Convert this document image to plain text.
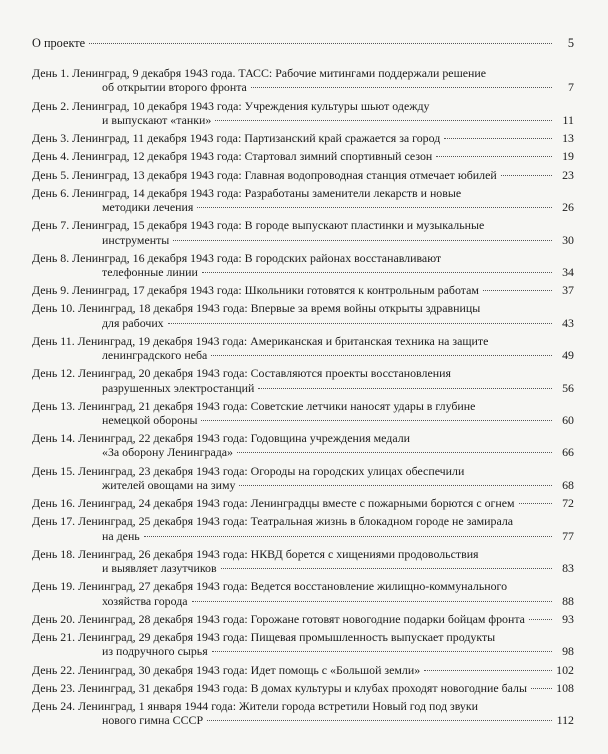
О проекте	5
День 1. Ленинград, 9 декабря 1943 года. ТАСС: Рабочие митингами поддержали решение
об открытии второго фронта	7
День 2. Ленинград, 10 декабря 1943 года: Учреждения культуры шьют одежду
и выпускают «танки»	11
День 3. Ленинград, 11 декабря 1943 года: Партизанский край сражается за город	13
День 4. Ленинград, 12 декабря 1943 года: Стартовал зимний спортивный сезон	19
День 5. Ленинград, 13 декабря 1943 года: Главная водопроводная станция отмечает юбилей	23
День 6. Ленинград, 14 декабря 1943 года: Разработаны заменители лекарств и новые
методики лечения	26
День 7. Ленинград, 15 декабря 1943 года: В городе выпускают пластинки и музыкальные
инструменты	30
День 8. Ленинград, 16 декабря 1943 года: В городских районах восстанавливают
телефонные линии	34
День 9. Ленинград, 17 декабря 1943 года: Школьники готовятся к контрольным работам	37
День 10. Ленинград, 18 декабря 1943 года: Впервые за время войны открыты здравницы
для рабочих	43
День 11. Ленинград, 19 декабря 1943 года: Американская и британская техника на защите
ленинградского неба	49
День 12. Ленинград, 20 декабря 1943 года: Составляются проекты восстановления
разрушенных электростанций	56
День 13. Ленинград, 21 декабря 1943 года: Советские летчики наносят удары в глубине
немецкой обороны	60
День 14. Ленинград, 22 декабря 1943 года: Годовщина учреждения медали
«За оборону Ленинграда»	66
День 15. Ленинград, 23 декабря 1943 года: Огороды на городских улицах обеспечили
жителей овощами на зиму	68
День 16. Ленинград, 24 декабря 1943 года: Ленинградцы вместе с пожарными борются с огнем	72
День 17. Ленинград, 25 декабря 1943 года: Театральная жизнь в блокадном городе не замирала
на день	77
День 18. Ленинград, 26 декабря 1943 года: НКВД борется с хищениями продовольствия
и выявляет лазутчиков	83
День 19. Ленинград, 27 декабря 1943 года: Ведется восстановление жилищно-коммунального
хозяйства города	88
День 20. Ленинград, 28 декабря 1943 года: Горожане готовят новогодние подарки бойцам фронта	93
День 21. Ленинград, 29 декабря 1943 года: Пищевая промышленность выпускает продукты
из подручного сырья	98
День 22. Ленинград, 30 декабря 1943 года: Идет помощь с «Большой земли»	102
День 23. Ленинград, 31 декабря 1943 года: В домах культуры и клубах проходят новогодние балы 108
День 24. Ленинград, 1 января 1944 года: Жители города встретили Новый год под звуки
нового гимна СССР	112
